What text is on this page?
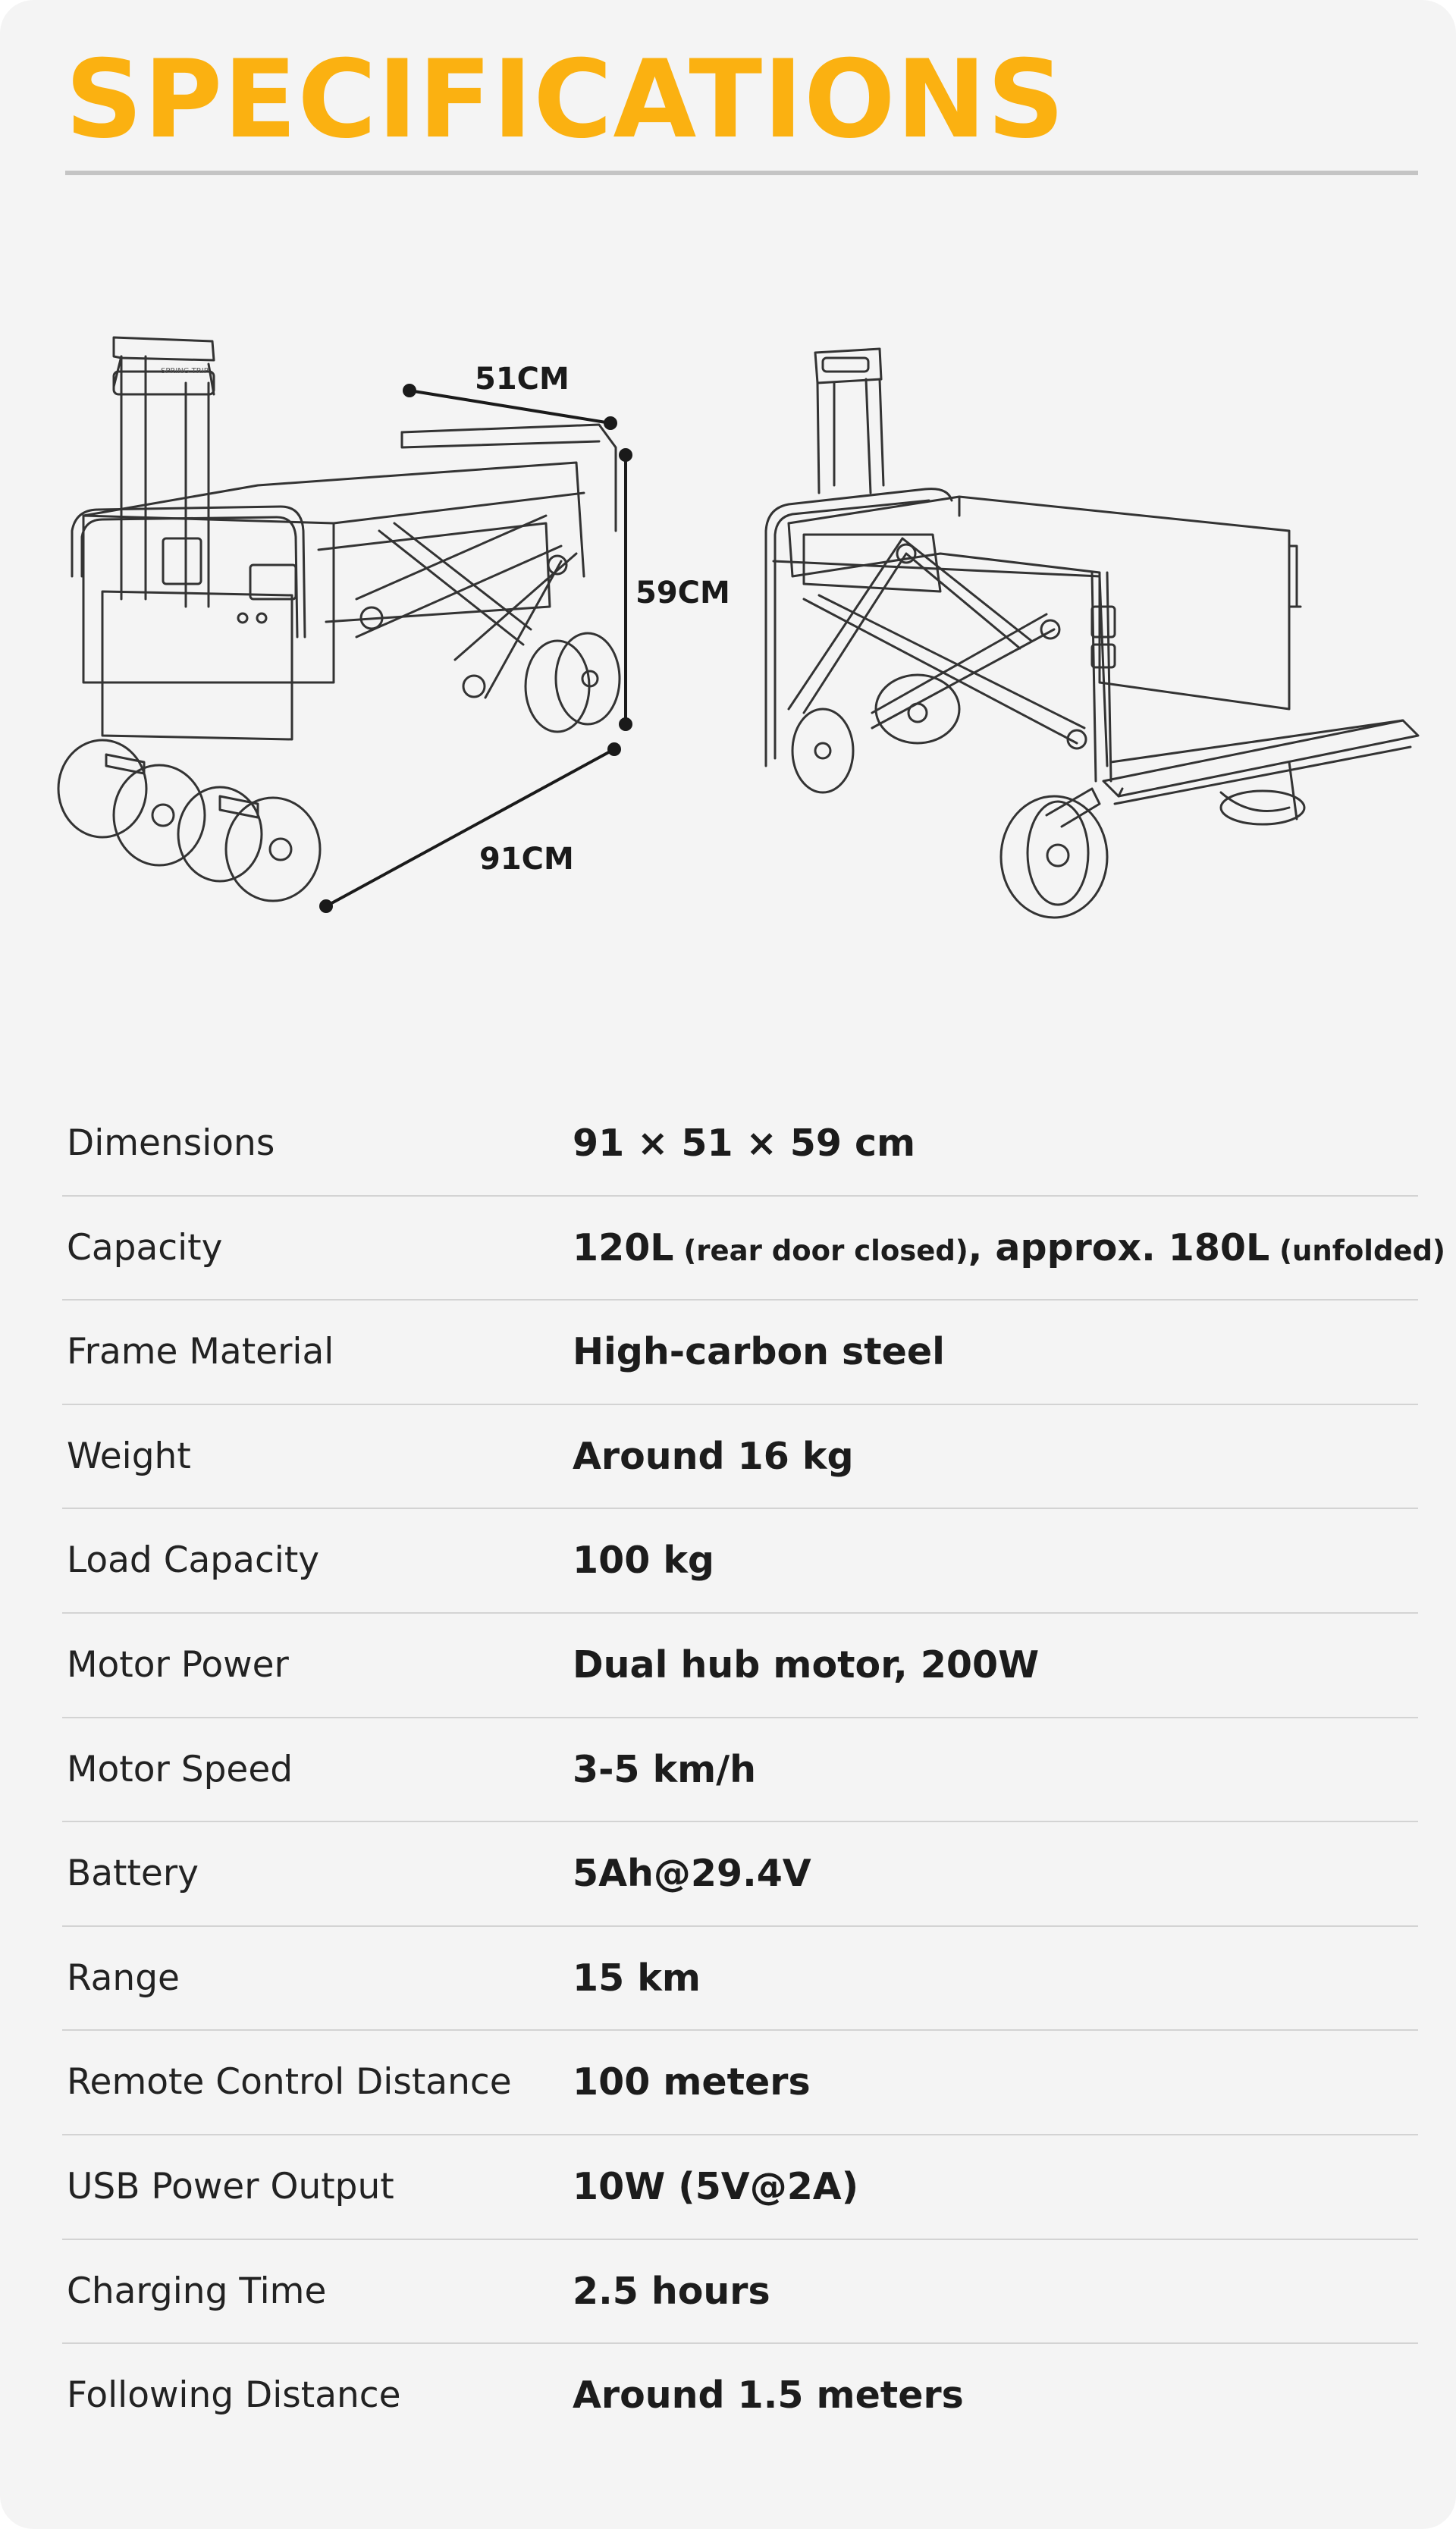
SPECIFICATIONS
51CM
59CM
91CM
SPRING TRIP
Dimensions	91 × 51 × 59 cm
Capacity	120L (rear door closed), approx. 180L (unfolded)
Frame Material	High-carbon steel
Weight	Around 16 kg
Load Capacity	100 kg
Motor Power	Dual hub motor, 200W
Motor Speed	3-5 km/h
Battery	5Ah@29.4V
Range	15 km
Remote Control Distance 100 meters
USB Power Output	10W (5V@2A)
Charging Time	2.5 hours
Following Distance	Around 1.5 meters
